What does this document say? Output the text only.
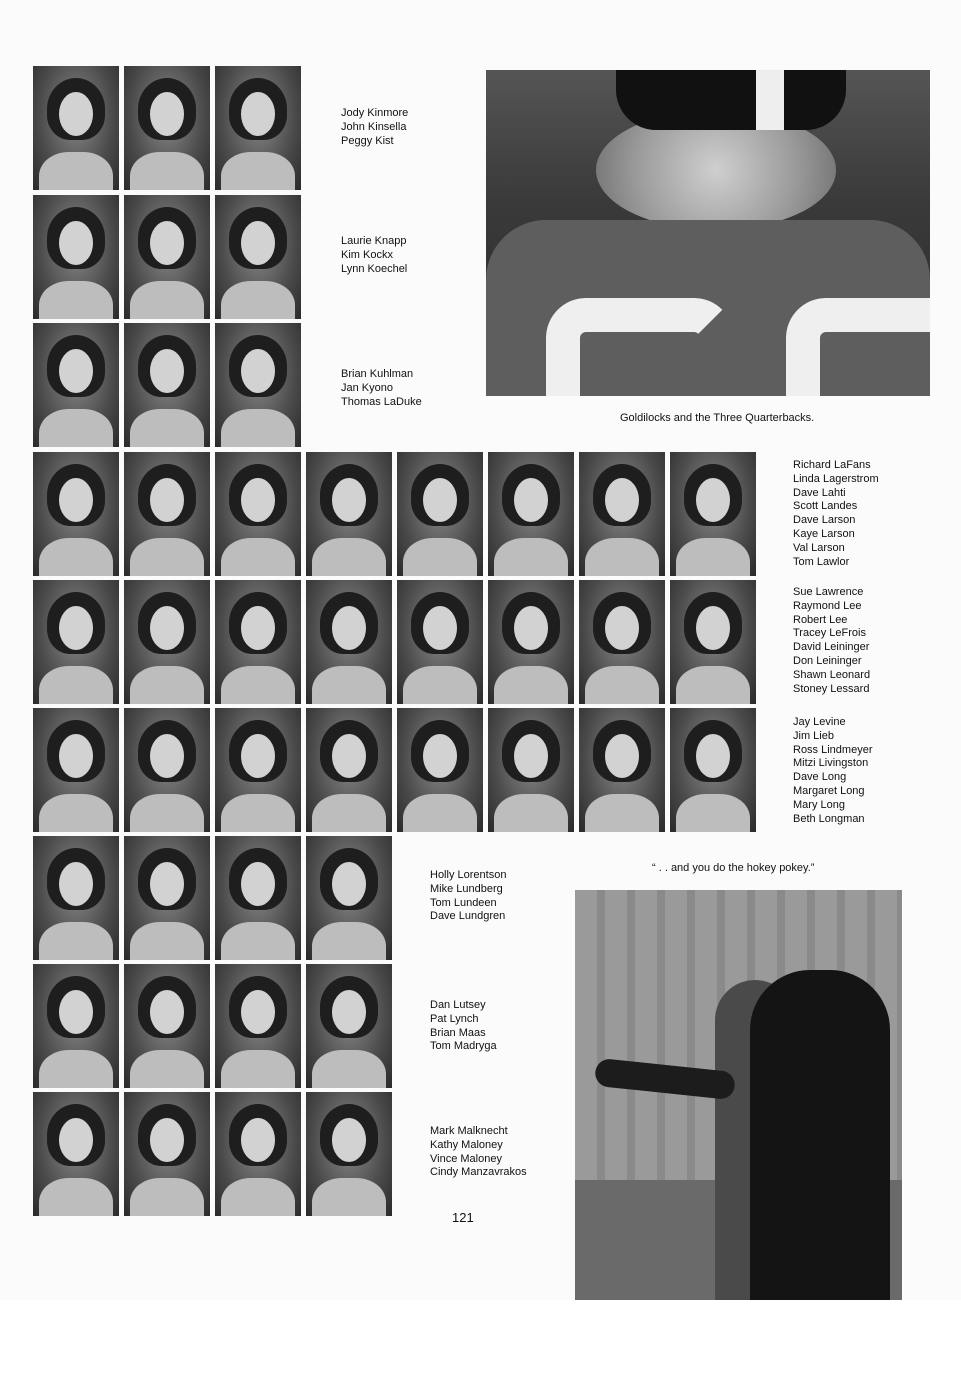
Jody Kinmore
John Kinsella
Peggy Kist
Laurie Knapp
Kim Kockx
Lynn Koechel
Brian Kuhlman
Jan Kyono
Thomas LaDuke
Richard LaFans
Linda Lagerstrom
Dave Lahti
Scott Landes
Dave Larson
Kaye Larson
Val Larson
Tom Lawlor
Sue Lawrence
Raymond Lee
Robert Lee
Tracey LeFrois
David Leininger
Don Leininger
Shawn Leonard
Stoney Lessard
Jay Levine
Jim Lieb
Ross Lindmeyer
Mitzi Livingston
Dave Long
Margaret Long
Mary Long
Beth Longman
Holly Lorentson
Mike Lundberg
Tom Lundeen
Dave Lundgren
Dan Lutsey
Pat Lynch
Brian Maas
Tom Madryga
Mark Malknecht
Kathy Maloney
Vince Maloney
Cindy Manzavrakos
Goldilocks and the Three Quarterbacks.
“ . . and you do the hokey pokey.”
121
